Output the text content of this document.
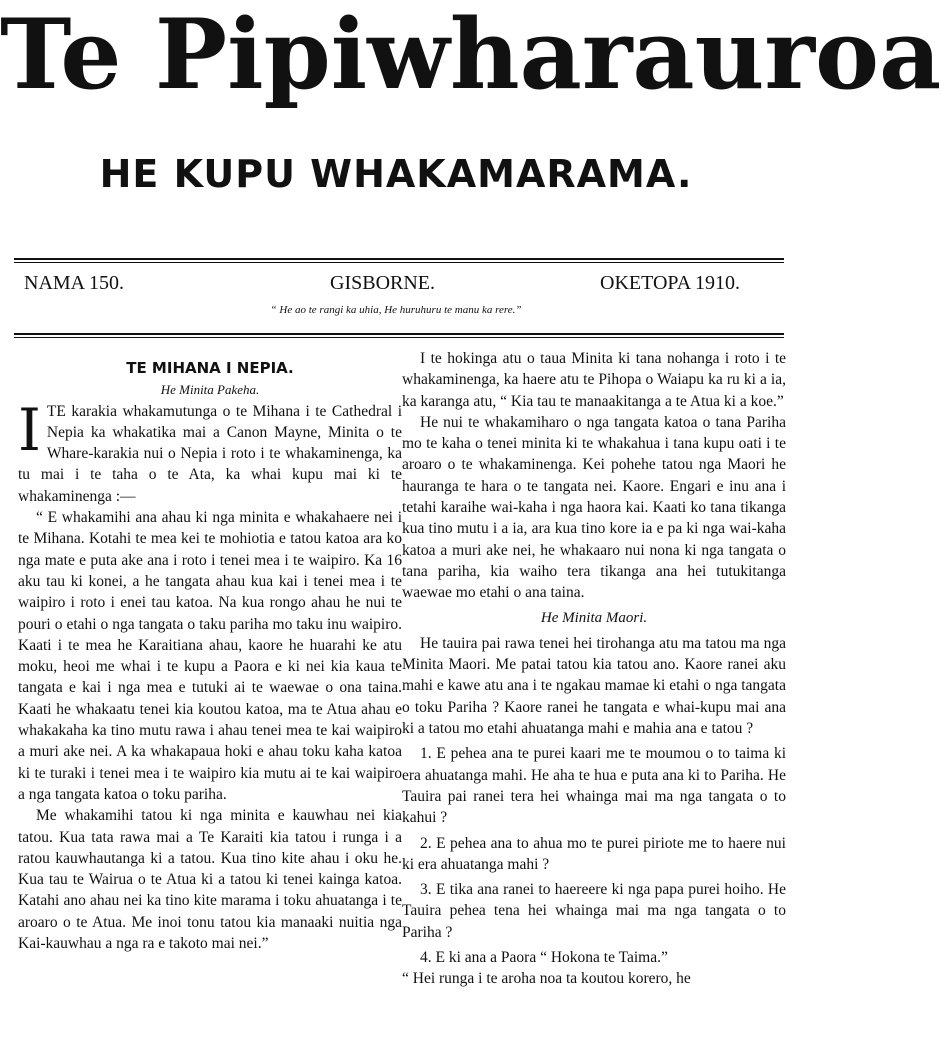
Te Pipiwharauroa
HE KUPU WHAKAMARAMA.
NAMA 150.	GISBORNE.	OKETOPA 1910.
“ He ao te rangi ka uhia, He huruhuru te manu ka rere.”

TE MIHANA I NEPIA.

He Minita Pakeha.

ITE karakia whakamutunga o te Mihana i te Cathedral i Nepia ka whakatika mai a Canon Mayne, Minita o te Whare-karakia nui o Nepia i roto i te whakaminenga, ka tu mai i te taha o te Ata, ka whai kupu mai ki te whakaminenga :—

“ E whakamihi ana ahau ki nga minita e whakahaere nei i te Mihana. Kotahi te mea kei te mohiotia e tatou katoa ara ko nga mate e puta ake ana i roto i tenei mea i te waipiro. Ka 16 aku tau ki konei, a he tangata ahau kua kai i tenei mea i te waipiro i roto i enei tau katoa. Na kua rongo ahau he nui te pouri o etahi o nga tangata o taku pariha mo taku inu waipiro. Kaati i te mea he Karaitiana ahau, kaore he huarahi ke atu moku, heoi me whai i te kupu a Paora e ki nei kia kaua te tangata e kai i nga mea e tutuki ai te waewae o ona taina. Kaati he whakaatu tenei kia koutou katoa, ma te Atua ahau e whakakaha ka tino mutu rawa i ahau tenei mea te kai waipiro a muri ake nei. A ka whakapaua hoki e ahau toku kaha katoa ki te turaki i tenei mea i te waipiro kia mutu ai te kai waipiro a nga tangata katoa o toku pariha.

Me whakamihi tatou ki nga minita e kauwhau nei kia tatou. Kua tata rawa mai a Te Karaiti kia tatou i runga i a ratou kauwhautanga ki a tatou. Kua tino kite ahau i oku he. Kua tau te Wairua o te Atua ki a tatou ki tenei kainga katoa. Katahi ano ahau nei ka tino kite marama i toku ahuatanga i te aroaro o te Atua. Me inoi tonu tatou kia manaaki nuitia nga Kai-kauwhau a nga ra e takoto mai nei.”

I te hokinga atu o taua Minita ki tana nohanga i roto i te whakaminenga, ka haere atu te Pihopa o Waiapu ka ru ki a ia, ka karanga atu, “ Kia tau te manaakitanga a te Atua ki a koe.”

He nui te whakamiharo o nga tangata katoa o tana Pariha mo te kaha o tenei minita ki te whakahua i tana kupu oati i te aroaro o te whakaminenga. Kei pohehe tatou nga Maori he hauranga te hara o te tangata nei. Kaore. Engari e inu ana i tetahi karaihe wai-kaha i nga haora kai. Kaati ko tana tikanga kua tino mutu i a ia, ara kua tino kore ia e pa ki nga wai-kaha katoa a muri ake nei, he whakaaro nui nona ki nga tangata o tana pariha, kia waiho tera tikanga ana hei tutukitanga waewae mo etahi o ana taina.

He Minita Maori.

He tauira pai rawa tenei hei tirohanga atu ma tatou ma nga Minita Maori. Me patai tatou kia tatou ano. Kaore ranei aku mahi e kawe atu ana i te ngakau mamae ki etahi o nga tangata o toku Pariha ? Kaore ranei he tangata e whai-kupu mai ana ki a tatou mo etahi ahuatanga mahi e mahia ana e tatou ?

1. E pehea ana te purei kaari me te moumou o to taima ki era ahuatanga mahi. He aha te hua e puta ana ki to Pariha. He Tauira pai ranei tera hei whainga mai ma nga tangata o to kahui ?

2. E pehea ana to ahua mo te purei piriote me to haere nui ki era ahuatanga mahi ?

3. E tika ana ranei to haereere ki nga papa purei hoiho. He Tauira pehea tena hei whainga mai ma nga tangata o to Pariha ?

4. E ki ana a Paora “ Hokona te Taima.”

“ Hei runga i te aroha noa ta koutou korero, he
